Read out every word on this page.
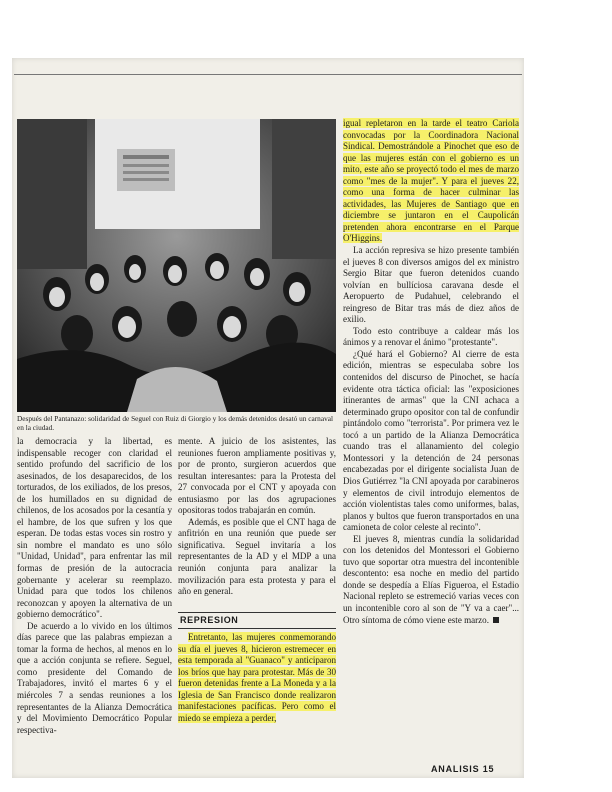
Después del Pantanazo: solidaridad de Seguel con Ruiz di Giorgio y los demás detenidos desató un carnaval en la ciudad.

la democracia y la libertad, es indispensable recoger con claridad el sentido profundo del sacrificio de los asesinados, de los desaparecidos, de los torturados, de los exiliados, de los presos, de los humillados en su dignidad de chilenos, de los acosados por la cesantía y el hambre, de los que sufren y los que esperan. De todas estas voces sin rostro y sin nombre el mandato es uno sólo "Unidad, Unidad", para enfrentar las mil formas de presión de la autocracia gobernante y acelerar su reemplazo. Unidad para que todos los chilenos reconozcan y apoyen la alternativa de un gobierno democrático".

De acuerdo a lo vivido en los últimos días parece que las palabras empiezan a tomar la forma de hechos, al menos en lo que a acción conjunta se refiere. Seguel, como presidente del Comando de Trabajadores, invitó el martes 6 y el miércoles 7 a sendas reuniones a los representantes de la Alianza Democrática y del Movimiento Democrático Popular respectiva-

mente. A juicio de los asistentes, las reuniones fueron ampliamente positivas y, por de pronto, surgieron acuerdos que resultan interesantes: para la Protesta del 27 convocada por el CNT y apoyada con entusiasmo por las dos agrupaciones opositoras todos trabajarán en común.

Además, es posible que el CNT haga de anfitrión en una reunión que puede ser significativa. Seguel invitaría a los representantes de la AD y el MDP a una reunión conjunta para analizar la movilización para esta protesta y para el año en general.

REPRESION

Entretanto, las mujeres conmemorando su día el jueves 8, hicieron estremecer en esta temporada al "Guanaco" y anticiparon los bríos que hay para protestar. Más de 30 fueron detenidas frente a La Moneda y a la Iglesia de San Francisco donde realizaron manifestaciones pacíficas. Pero como el miedo se empieza a perder,

igual repletaron en la tarde el teatro Cariola convocadas por la Coordinadora Nacional Sindical. Demostrándole a Pinochet que eso de que las mujeres están con el gobierno es un mito, este año se proyectó todo el mes de marzo como "mes de la mujer". Y para el jueves 22, como una forma de hacer culminar las actividades, las Mujeres de Santiago que en diciembre se juntaron en el Caupolicán pretenden ahora encontrarse en el Parque O'Higgins.

La acción represiva se hizo presente también el jueves 8 con diversos amigos del ex ministro Sergio Bitar que fueron detenidos cuando volvían en bullíciosa caravana desde el Aeropuerto de Pudahuel, celebrando el reingreso de Bitar tras más de diez años de exilio.

Todo esto contribuye a caldear más los ánimos y a renovar el ánimo "protestante".

¿Qué hará el Gobierno? Al cierre de esta edición, mientras se especulaba sobre los contenidos del discurso de Pinochet, se hacía evidente otra táctica oficial: las "exposiciones itinerantes de armas" que la CNI achaca a determinado grupo opositor con tal de confundir pintándolo como "terrorista". Por primera vez le tocó a un partido de la Alianza Democrática cuando tras el allanamiento del colegio Montessori y la detención de 24 personas encabezadas por el dirigente socialista Juan de Dios Gutiérrez "la CNI apoyada por carabineros y elementos de civil introdujo elementos de acción violentistas tales como uniformes, balas, planos y bultos que fueron transportados en una camioneta de color celeste al recinto".

El jueves 8, mientras cundía la solidaridad con los detenidos del Montessori el Gobierno tuvo que soportar otra muestra del incontenible descontento: esa noche en medio del partido donde se despedía a Elías Figueroa, el Estadio Nacional repleto se estremeció varias veces con un incontenible coro al son de "Y va a caer"... Otro síntoma de cómo viene este marzo.

ANALISIS 15
